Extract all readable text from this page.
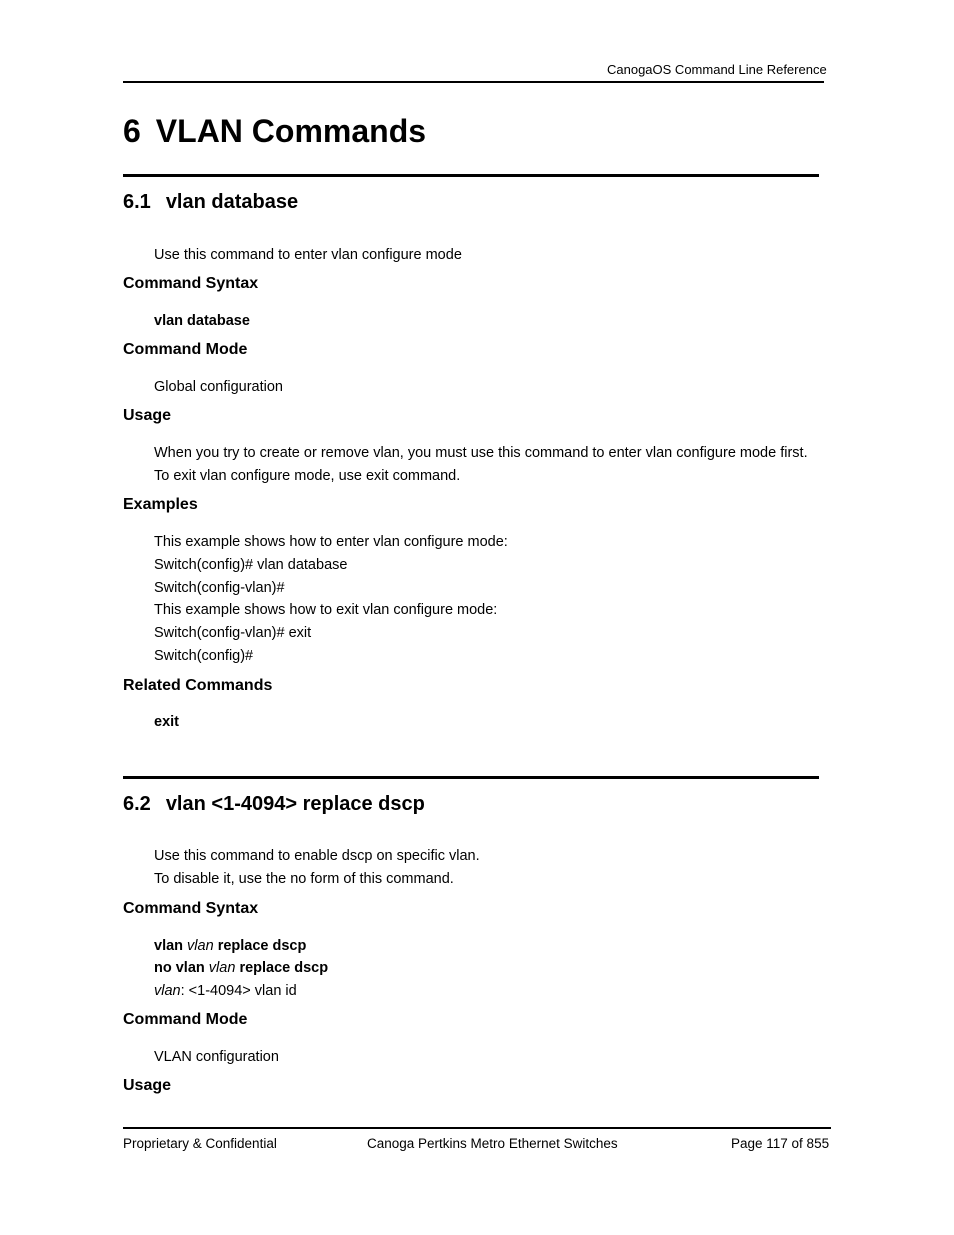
CanogaOS Command Line Reference
6 VLAN Commands
6.1 vlan database
Use this command to enter vlan configure mode
Command Syntax
vlan database
Command Mode
Global configuration
Usage
When you try to create or remove vlan, you must use this command to enter vlan configure mode first.
To exit vlan configure mode, use exit command.
Examples
This example shows how to enter vlan configure mode:
Switch(config)# vlan database
Switch(config-vlan)#
This example shows how to exit vlan configure mode:
Switch(config-vlan)# exit
Switch(config)#
Related Commands
exit
6.2 vlan <1-4094> replace dscp
Use this command to enable dscp on specific vlan.
To disable it, use the no form of this command.
Command Syntax
vlan vlan replace dscp
no vlan vlan replace dscp
vlan: <1-4094> vlan id
Command Mode
VLAN configuration
Usage
Proprietary & Confidential	Canoga Pertkins Metro Ethernet Switches	Page 117 of 855
